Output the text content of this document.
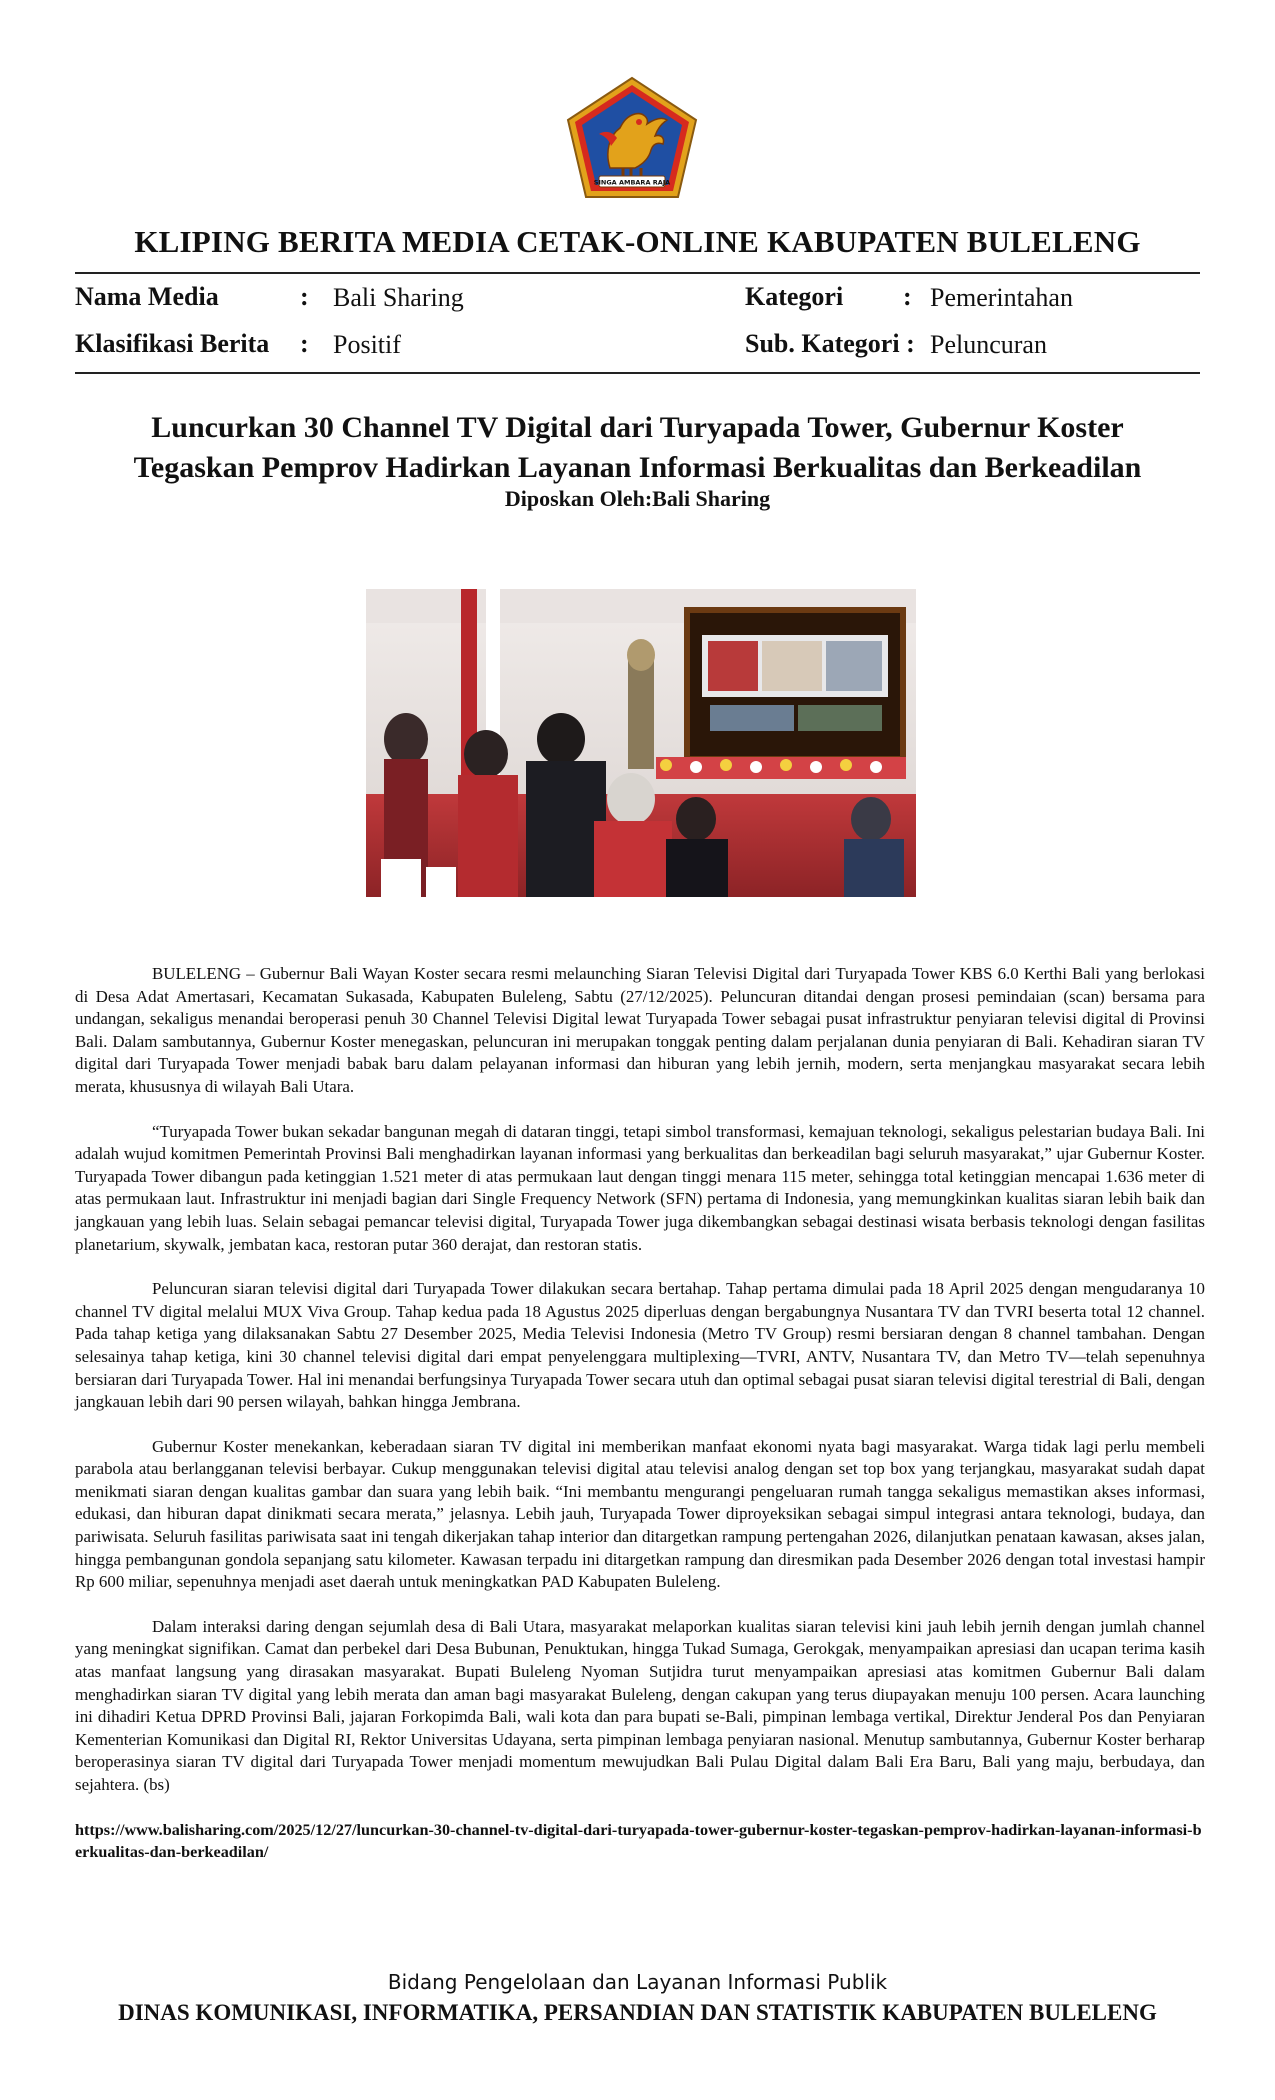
SINGA AMBARA RAJA
KLIPING BERITA MEDIA CETAK-ONLINE KABUPATEN BULELENG
Nama Media	: Bali Sharing	Kategori : Pemerintahan
Klasifikasi Berita : Positif	Sub. Kategori : Peluncuran
Luncurkan 30 Channel TV Digital dari Turyapada Tower, Gubernur Koster
Tegaskan Pemprov Hadirkan Layanan Informasi Berkualitas dan Berkeadilan
Diposkan Oleh:Bali Sharing

BULELENG – Gubernur Bali Wayan Koster secara resmi melaunching Siaran Televisi Digital dari Turyapada Tower KBS 6.0 Kerthi Bali yang berlokasi di Desa Adat Amertasari, Kecamatan Sukasada, Kabupaten Buleleng, Sabtu (27/12/2025). Peluncuran ditandai dengan prosesi pemindaian (scan) bersama para undangan, sekaligus menandai beroperasi penuh 30 Channel Televisi Digital lewat Turyapada Tower sebagai pusat infrastruktur penyiaran televisi digital di Provinsi Bali. Dalam sambutannya, Gubernur Koster menegaskan, peluncuran ini merupakan tonggak penting dalam perjalanan dunia penyiaran di Bali. Kehadiran siaran TV digital dari Turyapada Tower menjadi babak baru dalam pelayanan informasi dan hiburan yang lebih jernih, modern, serta menjangkau masyarakat secara lebih merata, khususnya di wilayah Bali Utara.

“Turyapada Tower bukan sekadar bangunan megah di dataran tinggi, tetapi simbol transformasi, kemajuan teknologi, sekaligus pelestarian budaya Bali. Ini adalah wujud komitmen Pemerintah Provinsi Bali menghadirkan layanan informasi yang berkualitas dan berkeadilan bagi seluruh masyarakat,” ujar Gubernur Koster. Turyapada Tower dibangun pada ketinggian 1.521 meter di atas permukaan laut dengan tinggi menara 115 meter, sehingga total ketinggian mencapai 1.636 meter di atas permukaan laut. Infrastruktur ini menjadi bagian dari Single Frequency Network (SFN) pertama di Indonesia, yang memungkinkan kualitas siaran lebih baik dan jangkauan yang lebih luas. Selain sebagai pemancar televisi digital, Turyapada Tower juga dikembangkan sebagai destinasi wisata berbasis teknologi dengan fasilitas planetarium, skywalk, jembatan kaca, restoran putar 360 derajat, dan restoran statis.

Peluncuran siaran televisi digital dari Turyapada Tower dilakukan secara bertahap. Tahap pertama dimulai pada 18 April 2025 dengan mengudaranya 10 channel TV digital melalui MUX Viva Group. Tahap kedua pada 18 Agustus 2025 diperluas dengan bergabungnya Nusantara TV dan TVRI beserta total 12 channel. Pada tahap ketiga yang dilaksanakan Sabtu 27 Desember 2025, Media Televisi Indonesia (Metro TV Group) resmi bersiaran dengan 8 channel tambahan. Dengan selesainya tahap ketiga, kini 30 channel televisi digital dari empat penyelenggara multiplexing—TVRI, ANTV, Nusantara TV, dan Metro TV—telah sepenuhnya bersiaran dari Turyapada Tower. Hal ini menandai berfungsinya Turyapada Tower secara utuh dan optimal sebagai pusat siaran televisi digital terestrial di Bali, dengan jangkauan lebih dari 90 persen wilayah, bahkan hingga Jembrana.

Gubernur Koster menekankan, keberadaan siaran TV digital ini memberikan manfaat ekonomi nyata bagi masyarakat. Warga tidak lagi perlu membeli parabola atau berlangganan televisi berbayar. Cukup menggunakan televisi digital atau televisi analog dengan set top box yang terjangkau, masyarakat sudah dapat menikmati siaran dengan kualitas gambar dan suara yang lebih baik. “Ini membantu mengurangi pengeluaran rumah tangga sekaligus memastikan akses informasi, edukasi, dan hiburan dapat dinikmati secara merata,” jelasnya. Lebih jauh, Turyapada Tower diproyeksikan sebagai simpul integrasi antara teknologi, budaya, dan pariwisata. Seluruh fasilitas pariwisata saat ini tengah dikerjakan tahap interior dan ditargetkan rampung pertengahan 2026, dilanjutkan penataan kawasan, akses jalan, hingga pembangunan gondola sepanjang satu kilometer. Kawasan terpadu ini ditargetkan rampung dan diresmikan pada Desember 2026 dengan total investasi hampir Rp 600 miliar, sepenuhnya menjadi aset daerah untuk meningkatkan PAD Kabupaten Buleleng.

Dalam interaksi daring dengan sejumlah desa di Bali Utara, masyarakat melaporkan kualitas siaran televisi kini jauh lebih jernih dengan jumlah channel yang meningkat signifikan. Camat dan perbekel dari Desa Bubunan, Penuktukan, hingga Tukad Sumaga, Gerokgak, menyampaikan apresiasi dan ucapan terima kasih atas manfaat langsung yang dirasakan masyarakat. Bupati Buleleng Nyoman Sutjidra turut menyampaikan apresiasi atas komitmen Gubernur Bali dalam menghadirkan siaran TV digital yang lebih merata dan aman bagi masyarakat Buleleng, dengan cakupan yang terus diupayakan menuju 100 persen. Acara launching ini dihadiri Ketua DPRD Provinsi Bali, jajaran Forkopimda Bali, wali kota dan para bupati se-Bali, pimpinan lembaga vertikal, Direktur Jenderal Pos dan Penyiaran Kementerian Komunikasi dan Digital RI, Rektor Universitas Udayana, serta pimpinan lembaga penyiaran nasional. Menutup sambutannya, Gubernur Koster berharap beroperasinya siaran TV digital dari Turyapada Tower menjadi momentum mewujudkan Bali Pulau Digital dalam Bali Era Baru, Bali yang maju, berbudaya, dan sejahtera. (bs)

https://www.balisharing.com/2025/12/27/luncurkan-30-channel-tv-digital-dari-turyapada-tower-gubernur-koster-tegaskan-pemprov-hadirkan-layanan-informasi-berkualitas-dan-berkeadilan/

Bidang Pengelolaan dan Layanan Informasi Publik
DINAS KOMUNIKASI, INFORMATIKA, PERSANDIAN DAN STATISTIK KABUPATEN BULELENG
